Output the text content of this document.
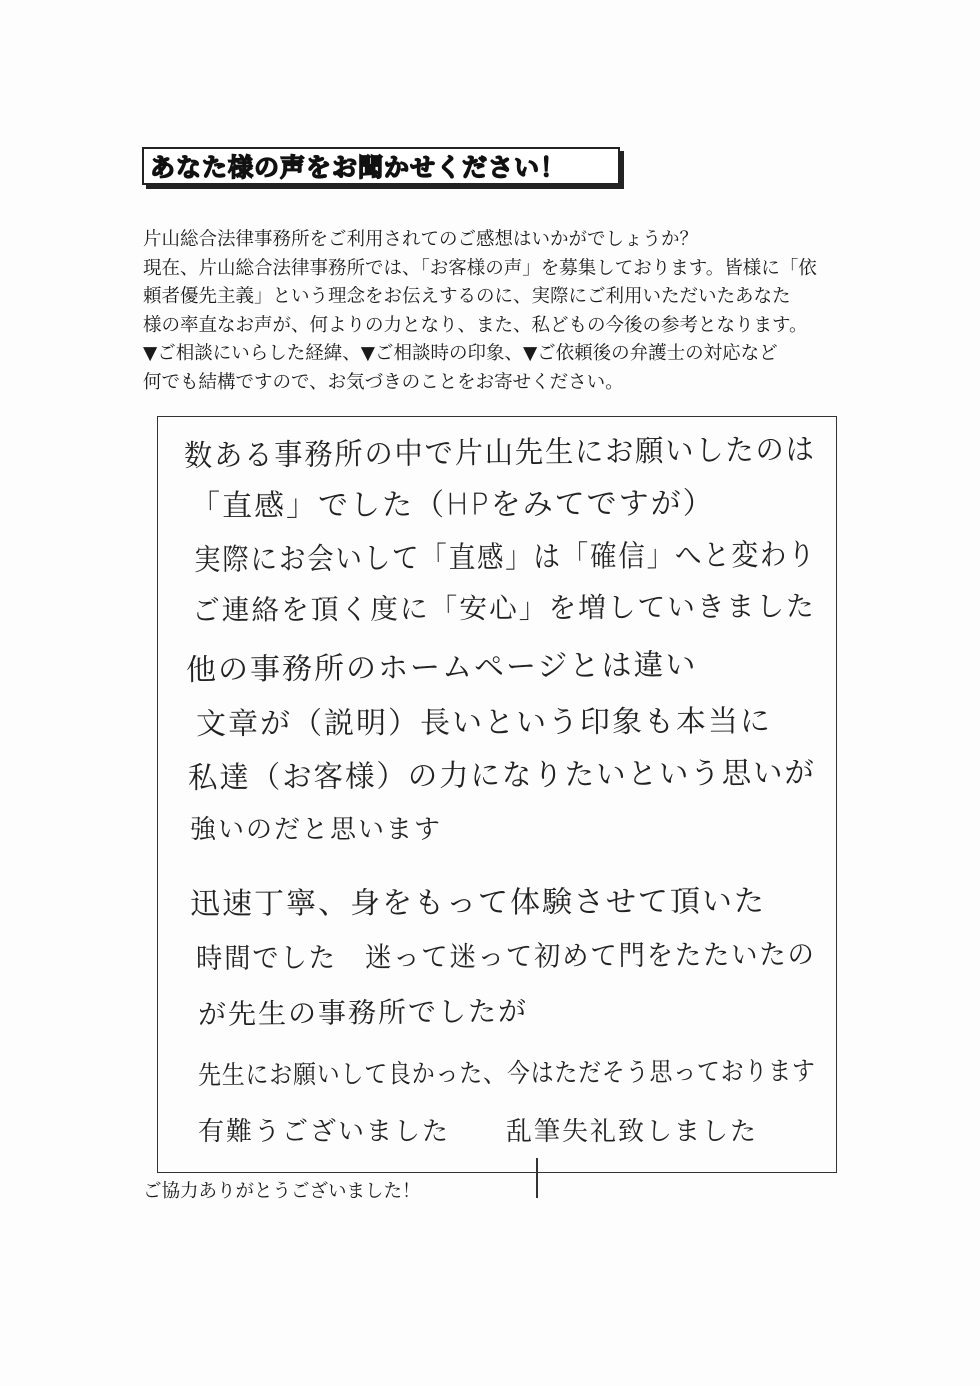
あなた様の声をお聞かせください！
片山総合法律事務所をご利用されてのご感想はいかがでしょうか？
現在、片山総合法律事務所では、「お客様の声」を募集しております。皆様に「依
頼者優先主義」という理念をお伝えするのに、実際にご利用いただいたあなた
様の率直なお声が、何よりの力となり、また、私どもの今後の参考となります。
▼ご相談にいらした経緯、▼ご相談時の印象、▼ご依頼後の弁護士の対応など
何でも結構ですので、お気づきのことをお寄せください。
数ある事務所の中で片山先生にお願いしたのは
「直感」でした（HPをみてですが）
実際にお会いして「直感」は「確信」へと変わり
ご連絡を頂く度に「安心」を増していきました
他の事務所のホームページとは違い
文章が（説明）長いという印象も本当に
私達（お客様）の力になりたいという思いが
強いのだと思います
迅速丁寧、身をもって体験させて頂いた
時間でした　迷って迷って初めて門をたたいたの
が先生の事務所でしたが
先生にお願いして良かった、今はただそう思っております
有難うございました　　乱筆失礼致しました
ご協力ありがとうございました！
